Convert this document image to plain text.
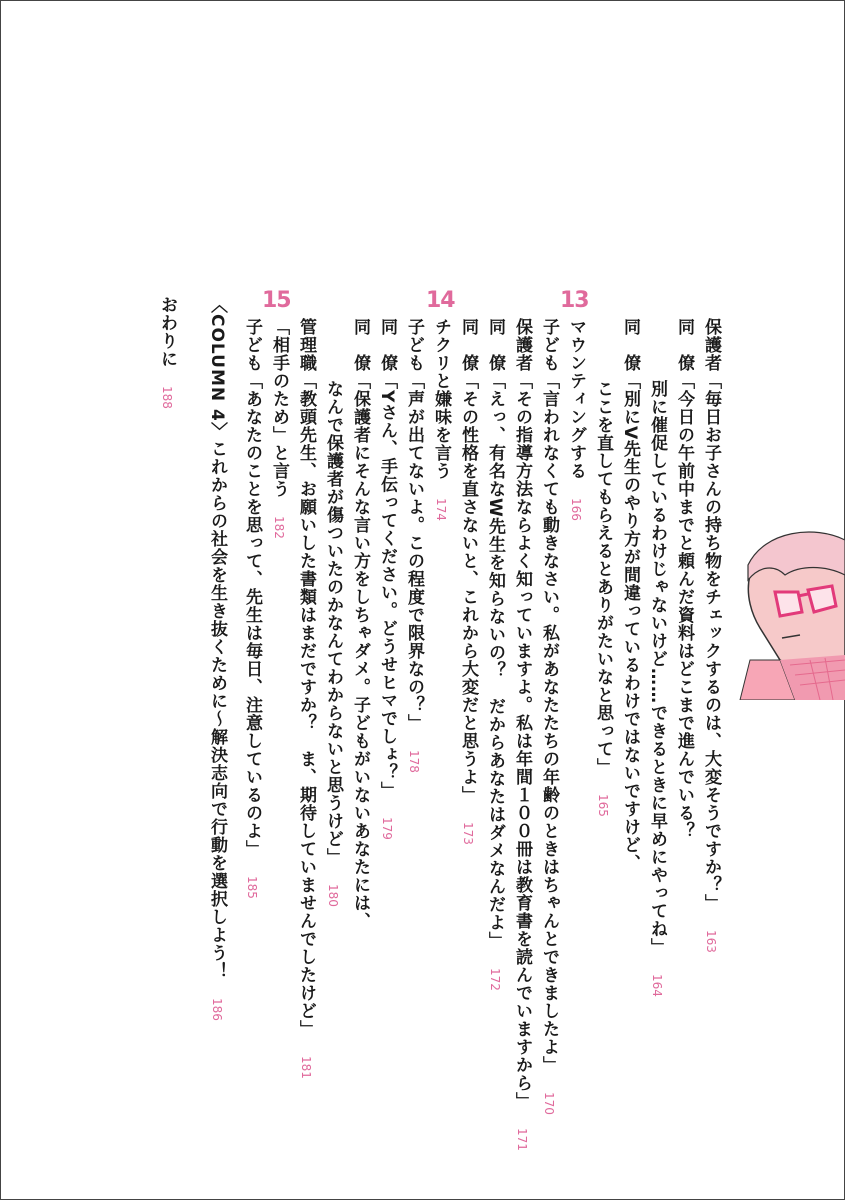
保護者「毎日お子さんの持ち物をチェックするのは、大変そうですか？」163
同　僚「今日の午前中までと頼んだ資料はどこまで進んでいる？
別に催促しているわけじゃないけど……できるときに早めにやってね」164
同　僚「別にV先生のやり方が間違っているわけではないですけど、
ここを直してもらえるとありがたいなと思って」165
13
マウンティングする166
子ども「言われなくても動きなさい。私があなたたちの年齢のときはちゃんとできましたよ」170
保護者「その指導方法ならよく知っていますよ。私は年間１００冊は教育書を読んでいますから」171
同　僚「えっ、有名なW先生を知らないの？　だからあなたはダメなんだよ」172
同　僚「その性格を直さないと、これから大変だと思うよ」173
14
チクリと嫌味を言う174
子ども「声が出てないよ。この程度で限界なの？」178
同　僚「Yさん、手伝ってください。どうせヒマでしょ？」179
同　僚「保護者にそんな言い方をしちゃダメ。子どもがいないあなたには、
なんで保護者が傷ついたのかなんてわからないと思うけど」180
管理職「教頭先生、お願いした書類はまだですか？　ま、期待していませんでしたけど」181
15
「相手のため」と言う182
子ども「あなたのことを思って、先生は毎日、注意しているのよ」185
〈COLUMN 4〉これからの社会を生き抜くために〜解決志向で行動を選択しよう！186
おわりに188
